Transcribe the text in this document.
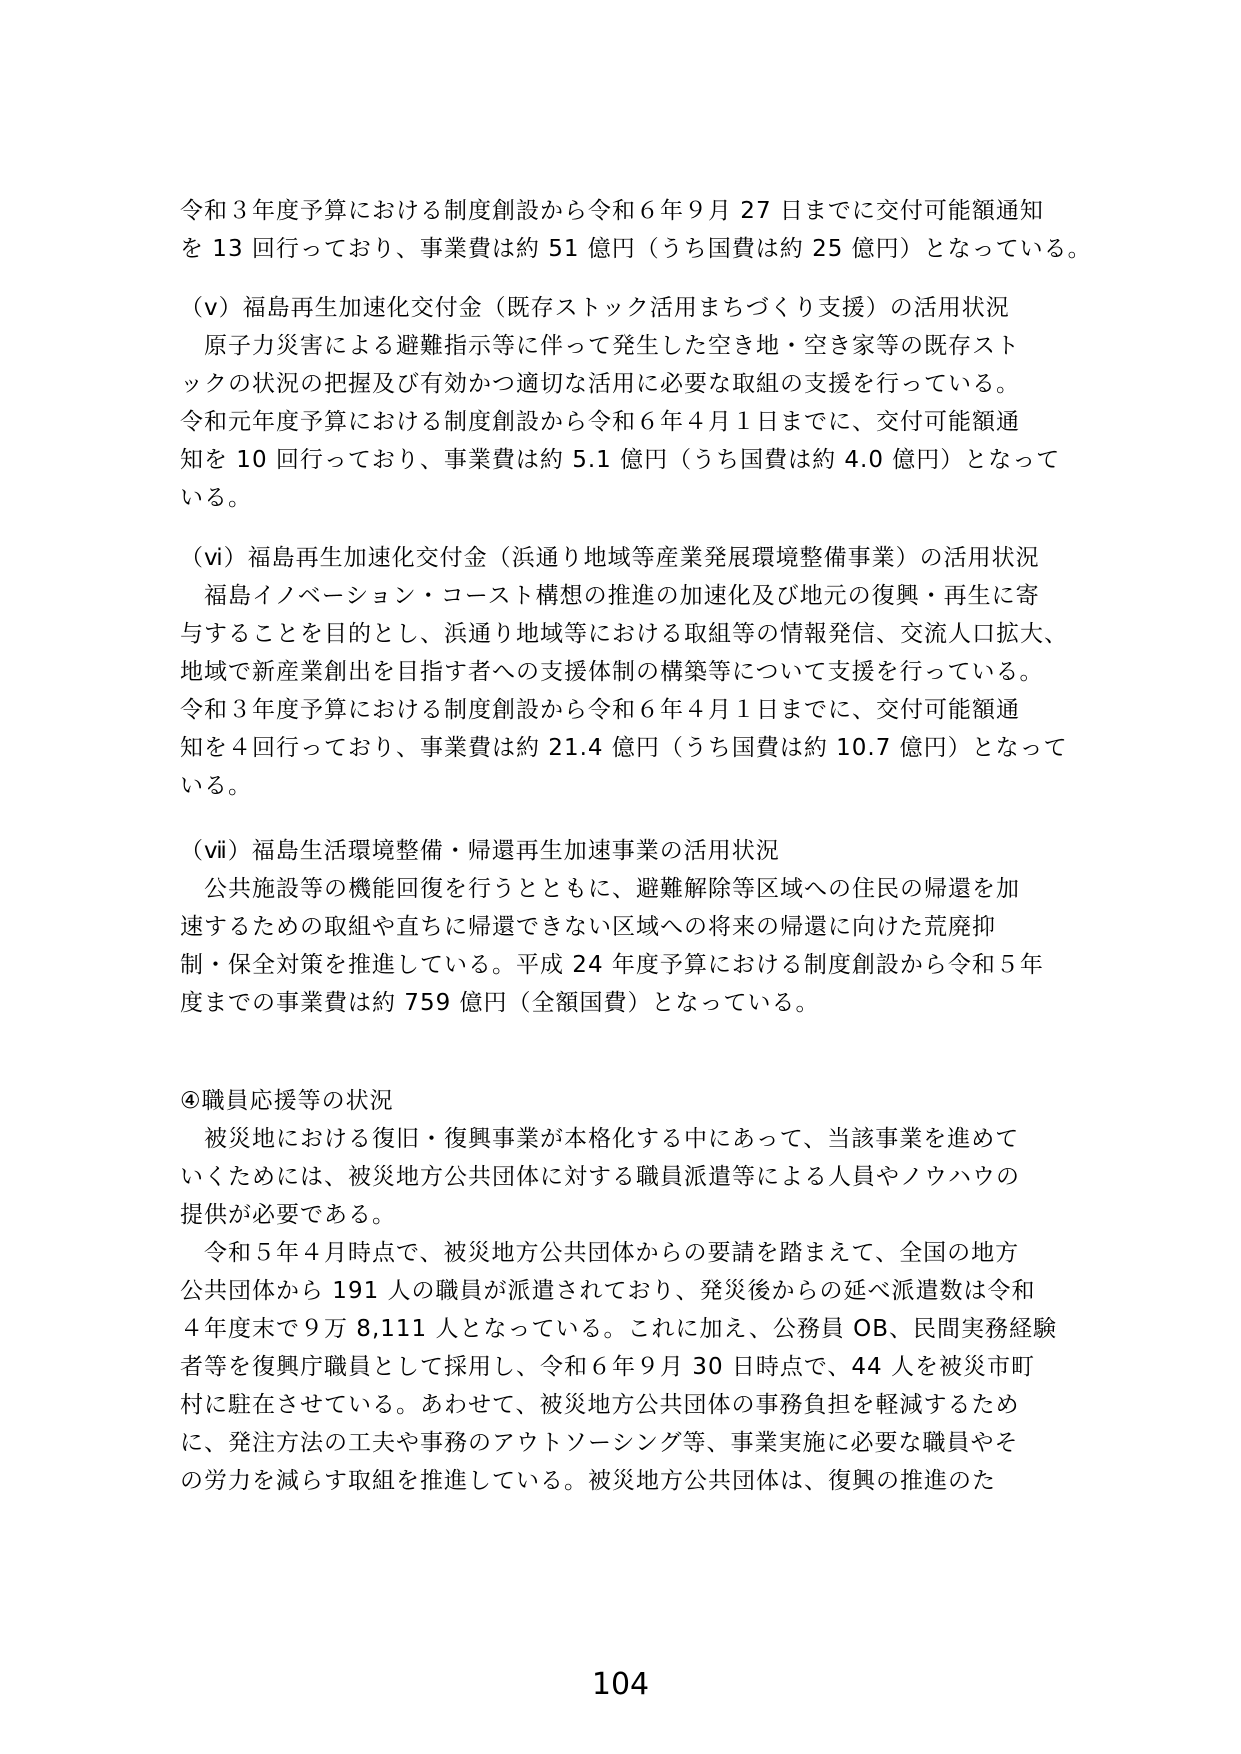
令和３年度予算における制度創設から令和６年９月 27 日までに交付可能額通知
を 13 回行っており、事業費は約 51 億円（うち国費は約 25 億円）となっている。
（ⅴ）福島再生加速化交付金（既存ストック活用まちづくり支援）の活用状況
　原子力災害による避難指示等に伴って発生した空き地・空き家等の既存スト
ックの状況の把握及び有効かつ適切な活用に必要な取組の支援を行っている。
令和元年度予算における制度創設から令和６年４月１日までに、交付可能額通
知を 10 回行っており、事業費は約 5.1 億円（うち国費は約 4.0 億円）となって
いる。
（ⅵ）福島再生加速化交付金（浜通り地域等産業発展環境整備事業）の活用状況
　福島イノベーション・コースト構想の推進の加速化及び地元の復興・再生に寄
与することを目的とし、浜通り地域等における取組等の情報発信、交流人口拡大、
地域で新産業創出を目指す者への支援体制の構築等について支援を行っている。
令和３年度予算における制度創設から令和６年４月１日までに、交付可能額通
知を４回行っており、事業費は約 21.4 億円（うち国費は約 10.7 億円）となって
いる。
（ⅶ）福島生活環境整備・帰還再生加速事業の活用状況
　公共施設等の機能回復を行うとともに、避難解除等区域への住民の帰還を加
速するための取組や直ちに帰還できない区域への将来の帰還に向けた荒廃抑
制・保全対策を推進している。平成 24 年度予算における制度創設から令和５年
度までの事業費は約 759 億円（全額国費）となっている。
④職員応援等の状況
　被災地における復旧・復興事業が本格化する中にあって、当該事業を進めて
いくためには、被災地方公共団体に対する職員派遣等による人員やノウハウの
提供が必要である。
　令和５年４月時点で、被災地方公共団体からの要請を踏まえて、全国の地方
公共団体から 191 人の職員が派遣されており、発災後からの延べ派遣数は令和
４年度末で９万 8,111 人となっている。これに加え、公務員 OB、民間実務経験
者等を復興庁職員として採用し、令和６年９月 30 日時点で、44 人を被災市町
村に駐在させている。あわせて、被災地方公共団体の事務負担を軽減するため
に、発注方法の工夫や事務のアウトソーシング等、事業実施に必要な職員やそ
の労力を減らす取組を推進している。被災地方公共団体は、復興の推進のた
104
